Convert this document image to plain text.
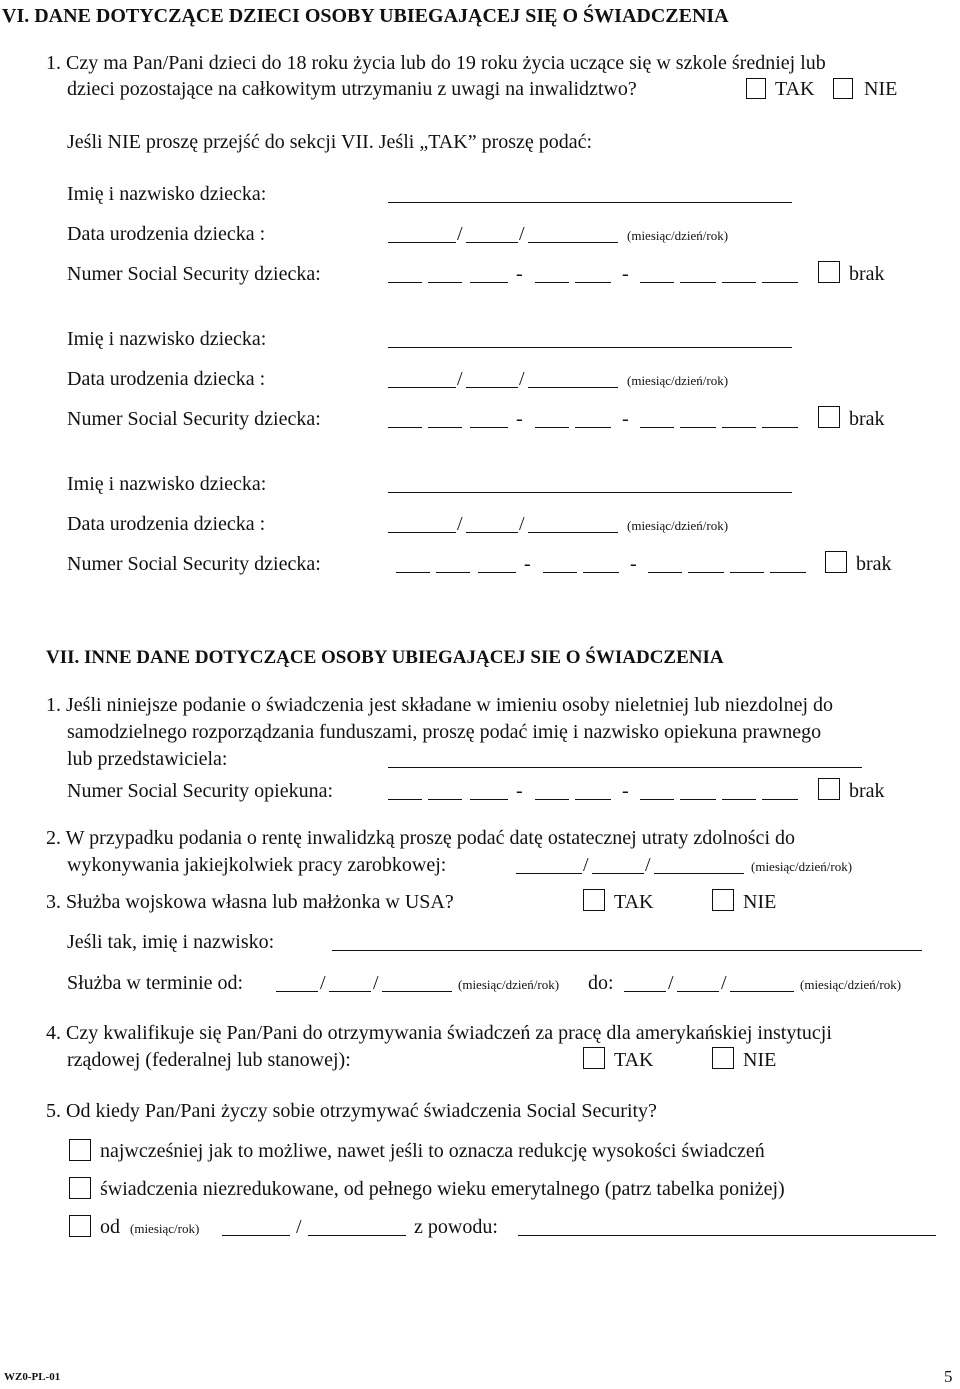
VI. DANE DOTYCZĄCE DZIECI OSOBY UBIEGAJĄCEJ SIĘ O ŚWIADCZENIA
1. Czy ma Pan/Pani dzieci do 18 roku życia lub do 19 roku życia uczące się w szkole średniej lub
dzieci pozostające na całkowitym utrzymaniu z uwagi na inwalidztwo?	TAK NIE
Jeśli NIE proszę przejść do sekcji VII. Jeśli „TAK” proszę podać:
Imię i nazwisko dziecka:
Data urodzenia dziecka :	/	/	(miesiąc/dzień/rok)
Numer Social Security dziecka:	-	-	brak
Imię i nazwisko dziecka:
Data urodzenia dziecka :	/	/	(miesiąc/dzień/rok)
Numer Social Security dziecka:	-	-	brak
Imię i nazwisko dziecka:
Data urodzenia dziecka :	/	/	(miesiąc/dzień/rok)
Numer Social Security dziecka:	-	-	brak
VII. INNE DANE DOTYCZĄCE OSOBY UBIEGAJĄCEJ SIE O ŚWIADCZENIA
1. Jeśli niniejsze podanie o świadczenia jest składane w imieniu osoby nieletniej lub niezdolnej do
samodzielnego rozporządzania funduszami, proszę podać imię i nazwisko opiekuna prawnego
lub przedstawiciela:
Numer Social Security opiekuna:	-	-	brak
2. W przypadku podania o rentę inwalidzką proszę podać datę ostatecznej utraty zdolności do
wykonywania jakiejkolwiek pracy zarobkowej:	/	/	(miesiąc/dzień/rok)
3. Służba wojskowa własna lub małżonka w USA?	TAK	NIE
Jeśli tak, imię i nazwisko:
Służba w terminie od:	/ /	(miesiąc/dzień/rok) do:	/ /	(miesiąc/dzień/rok)
4. Czy kwalifikuje się Pan/Pani do otrzymywania świadczeń za pracę dla amerykańskiej instytucji
rządowej (federalnej lub stanowej):	TAK	NIE
5. Od kiedy Pan/Pani życzy sobie otrzymywać świadczenia Social Security?
najwcześniej jak to możliwe, nawet jeśli to oznacza redukcję wysokości świadczeń
świadczenia niezredukowane, od pełnego wieku emerytalnego (patrz tabelka poniżej)
od (miesiąc/rok)	/	z powodu:
WZ0-PL-01	5
